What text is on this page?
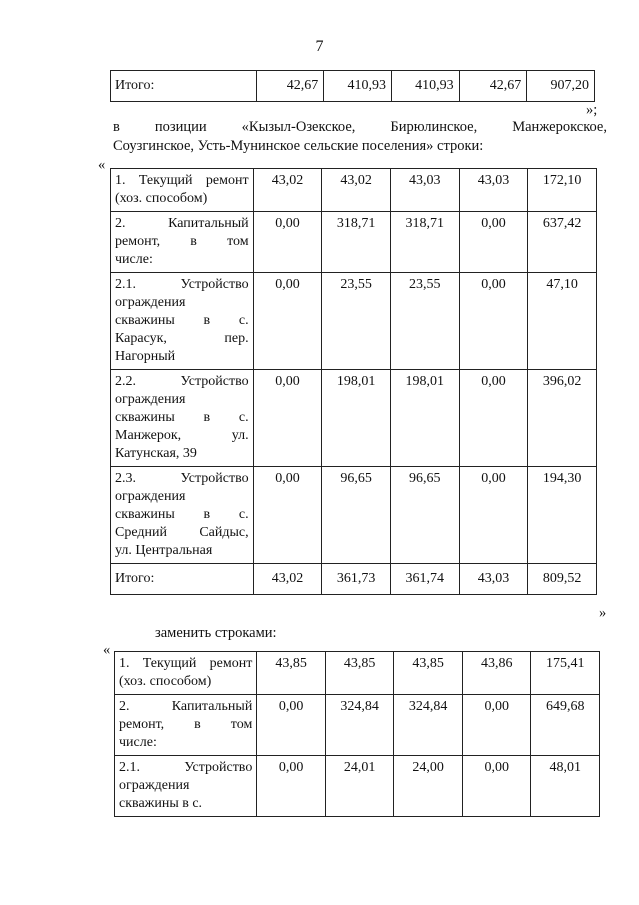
7
Итого:	42,67	410,93	410,93	42,67	907,20
»;
в позиции «Кызыл-Озекское, Бирюлинское, Манжерокское,
Соузгинское, Усть-Мунинское сельские поселения» строки:
«
1. Текущий ремонт
(хоз. способом)	43,02	43,02	43,03	43,03	172,10

2. Капитальный
ремонт, в том
числе:	0,00	318,71	318,71	0,00	637,42

2.1. Устройство
ограждения
скважины в с.
Карасук, пер.
Нагорный	0,00	23,55	23,55	0,00	47,10

2.2. Устройство
ограждения
скважины в с.
Манжерок, ул.
Катунская, 39	0,00	198,01	198,01	0,00	396,02

2.3. Устройство
ограждения
скважины в с.
Средний Сайдыс,
ул. Центральная	0,00	96,65	96,65	0,00	194,30

Итого:	43,02	361,73	361,74	43,03	809,52
»
заменить строками:
«
1. Текущий ремонт
(хоз. способом)	43,85	43,85	43,85	43,86	175,41

2. Капитальный
ремонт, в том
числе:	0,00	324,84	324,84	0,00	649,68

2.1. Устройство
ограждения
скважины в с.	0,00	24,01	24,00	0,00	48,01
